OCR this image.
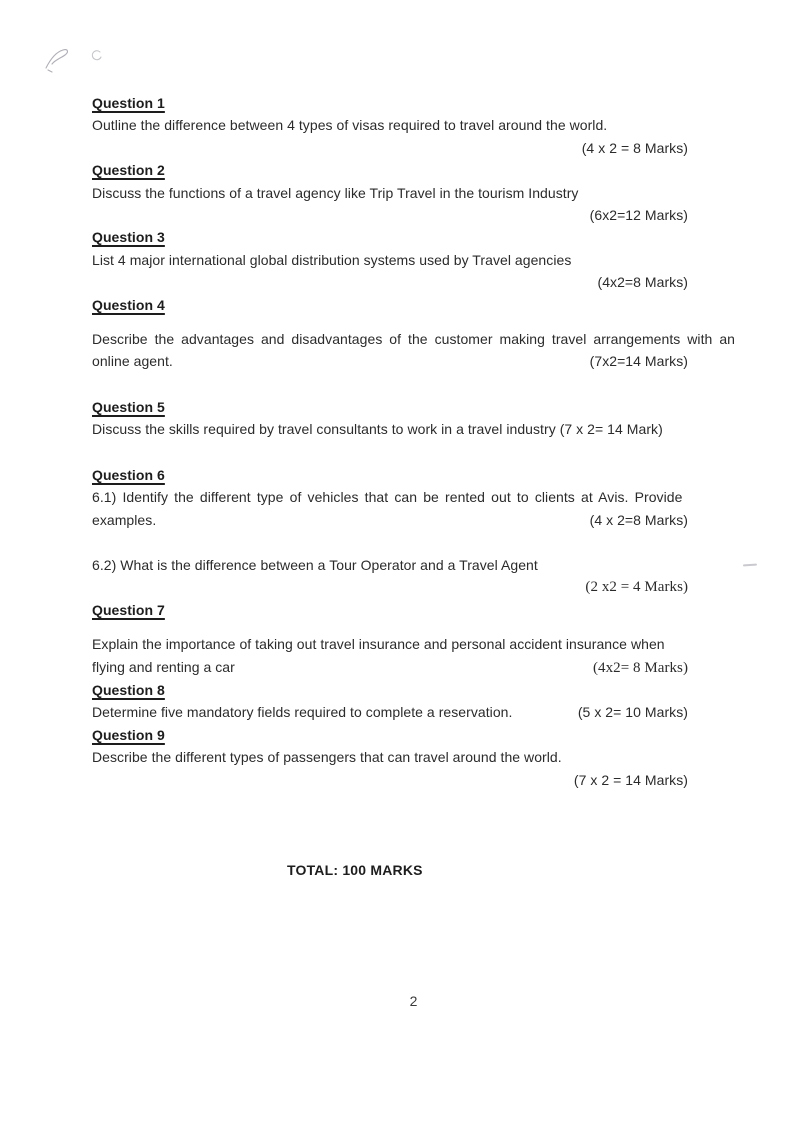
Question 1
Outline the difference between 4 types of visas required to travel around the world.
(4 x 2 = 8 Marks)
Question 2
Discuss the functions of a travel agency like Trip Travel in the tourism Industry
(6x2=12 Marks)
Question 3
List 4 major international global distribution systems used by Travel agencies
(4x2=8 Marks)
Question 4
Describe the advantages and disadvantages of the customer making travel arrangements with an
online agent.	(7x2=14 Marks)
Question 5
Discuss the skills required by travel consultants to work in a travel industry (7 x 2= 14 Mark)
Question 6
6.1) Identify the different type of vehicles that can be rented out to clients at Avis. Provide
examples.	(4 x 2=8 Marks)
6.2) What is the difference between a Tour Operator and a Travel Agent
(2 x2 = 4 Marks)
Question 7
Explain the importance of taking out travel insurance and personal accident insurance when
flying and renting a car	(4x2= 8 Marks)
Question 8
Determine five mandatory fields required to complete a reservation.	(5 x 2= 10 Marks)
Question 9
Describe the different types of passengers that can travel around the world.
(7 x 2 = 14 Marks)
TOTAL: 100 MARKS
2
